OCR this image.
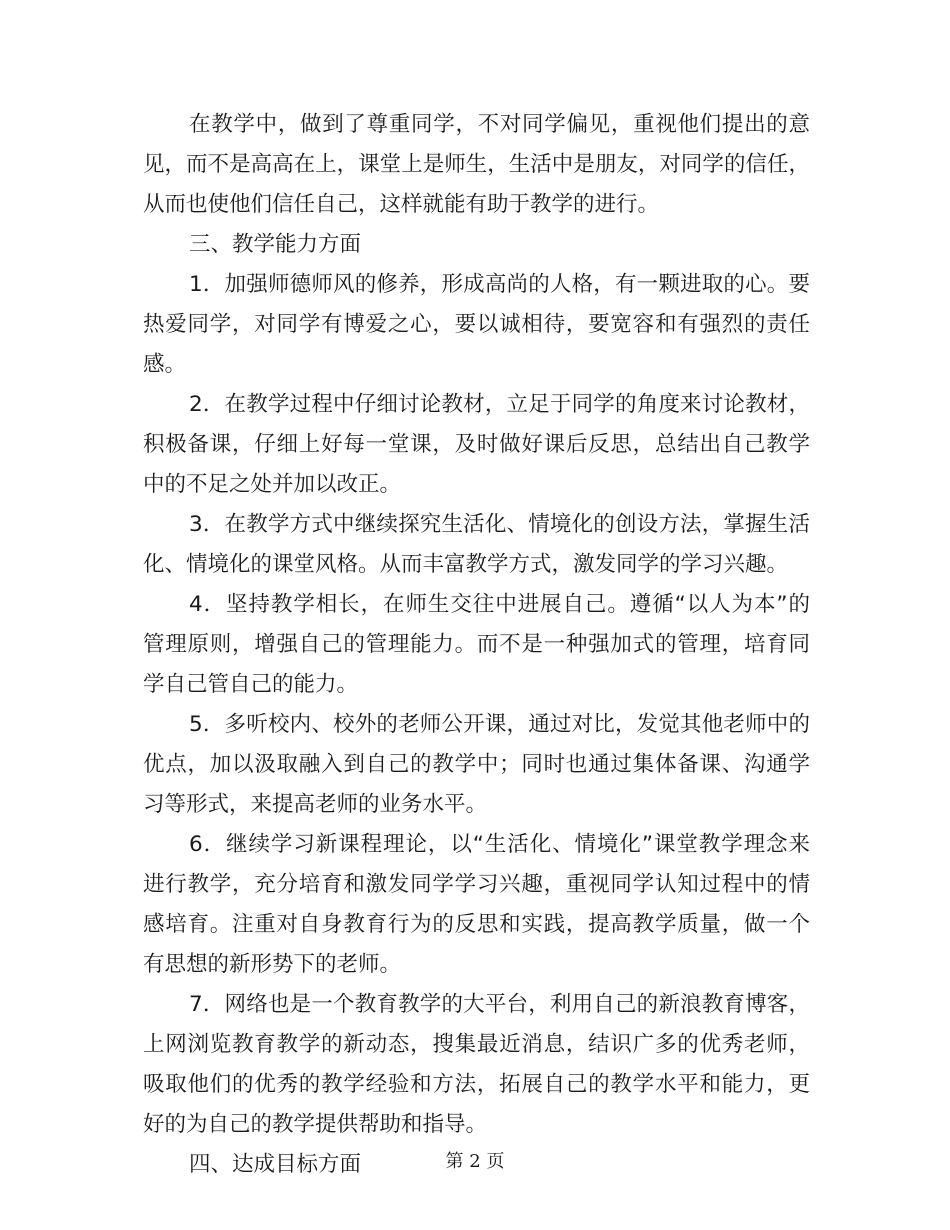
在教学中，做到了尊重同学，不对同学偏见，重视他们提出的意
见，而不是高高在上，课堂上是师生，生活中是朋友，对同学的信任，
从而也使他们信任自己，这样就能有助于教学的进行。
三、教学能力方面
1．加强师德师风的修养，形成高尚的人格，有一颗进取的心。要
热爱同学，对同学有博爱之心，要以诚相待，要宽容和有强烈的责任
感。
2．在教学过程中仔细讨论教材，立足于同学的角度来讨论教材，
积极备课，仔细上好每一堂课，及时做好课后反思，总结出自己教学
中的不足之处并加以改正。
3．在教学方式中继续探究生活化、情境化的创设方法，掌握生活
化、情境化的课堂风格。从而丰富教学方式，激发同学的学习兴趣。
4．坚持教学相长，在师生交往中进展自己。遵循“以人为本”的
管理原则，增强自己的管理能力。而不是一种强加式的管理，培育同
学自己管自己的能力。
5．多听校内、校外的老师公开课，通过对比，发觉其他老师中的
优点，加以汲取融入到自己的教学中；同时也通过集体备课、沟通学
习等形式，来提高老师的业务水平。
6．继续学习新课程理论，以“生活化、情境化”课堂教学理念来
进行教学，充分培育和激发同学学习兴趣，重视同学认知过程中的情
感培育。注重对自身教育行为的反思和实践，提高教学质量，做一个
有思想的新形势下的老师。
7．网络也是一个教育教学的大平台，利用自己的新浪教育博客，
上网浏览教育教学的新动态，搜集最近消息，结识广多的优秀老师，
吸取他们的优秀的教学经验和方法，拓展自己的教学水平和能力，更
好的为自己的教学提供帮助和指导。
四、达成目标方面	第 2 页
